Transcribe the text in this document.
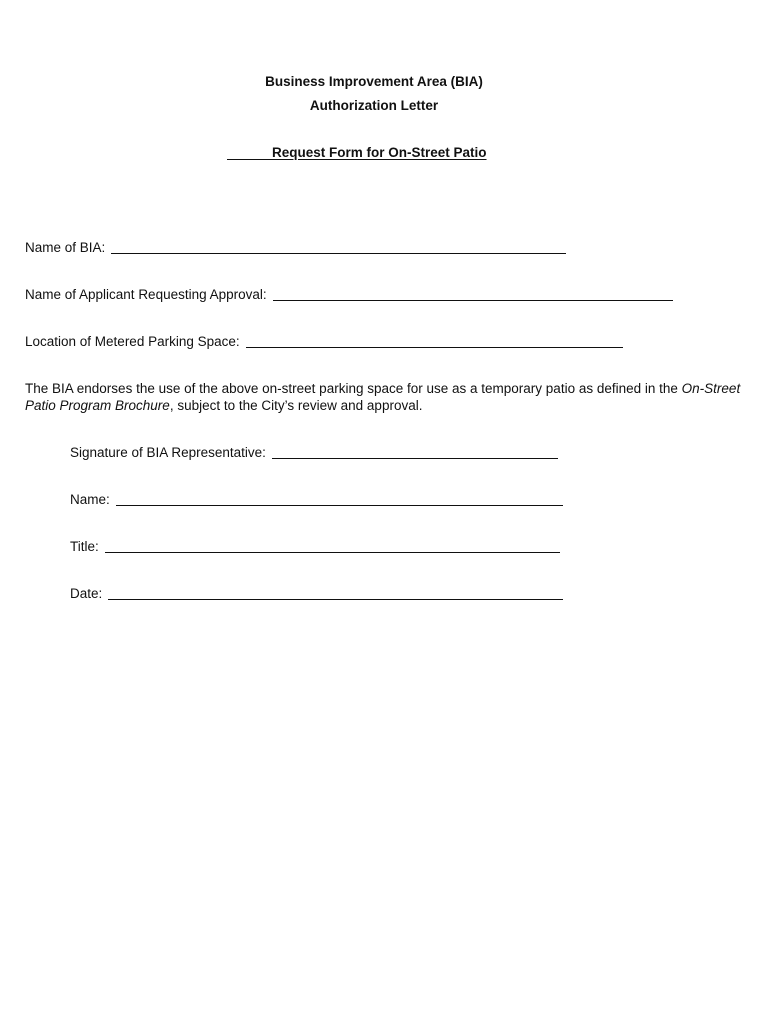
Business Improvement Area (BIA)
Authorization Letter
Request Form for On-Street Patio
Name of BIA:
Name of Applicant Requesting Approval:
Location of Metered Parking Space:
The BIA endorses the use of the above on-street parking space for use as a temporary patio as defined in the On-Street Patio Program Brochure, subject to the City’s review and approval.
Signature of BIA Representative:
Name:
Title:
Date:
